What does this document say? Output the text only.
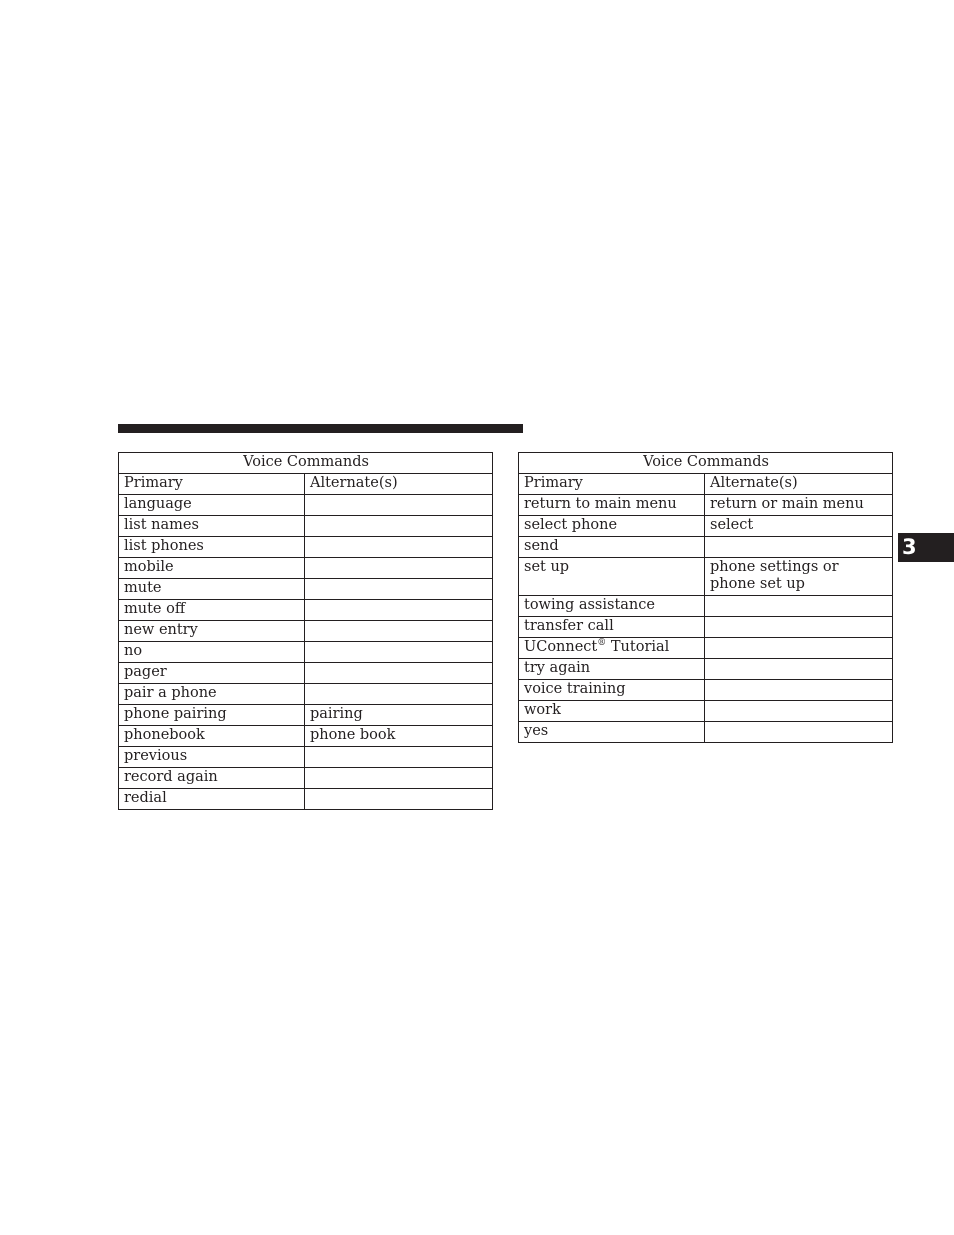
Voice Commands	
Primary	Alternate(s)
language	
list names	
list phones	
mobile	
mute	
mute off	
new entry	
no	
pager	
pair a phone	
phone pairing	pairing
phonebook	phone book
previous	
record again	
redial	
Voice Commands	
Primary	Alternate(s)
return to main menu	return or main menu
select phone	select
send	
set up	phone settings or phone set up
towing assistance	
transfer call	
UConnect® Tutorial	
try again	
voice training	
work	
yes	
3
